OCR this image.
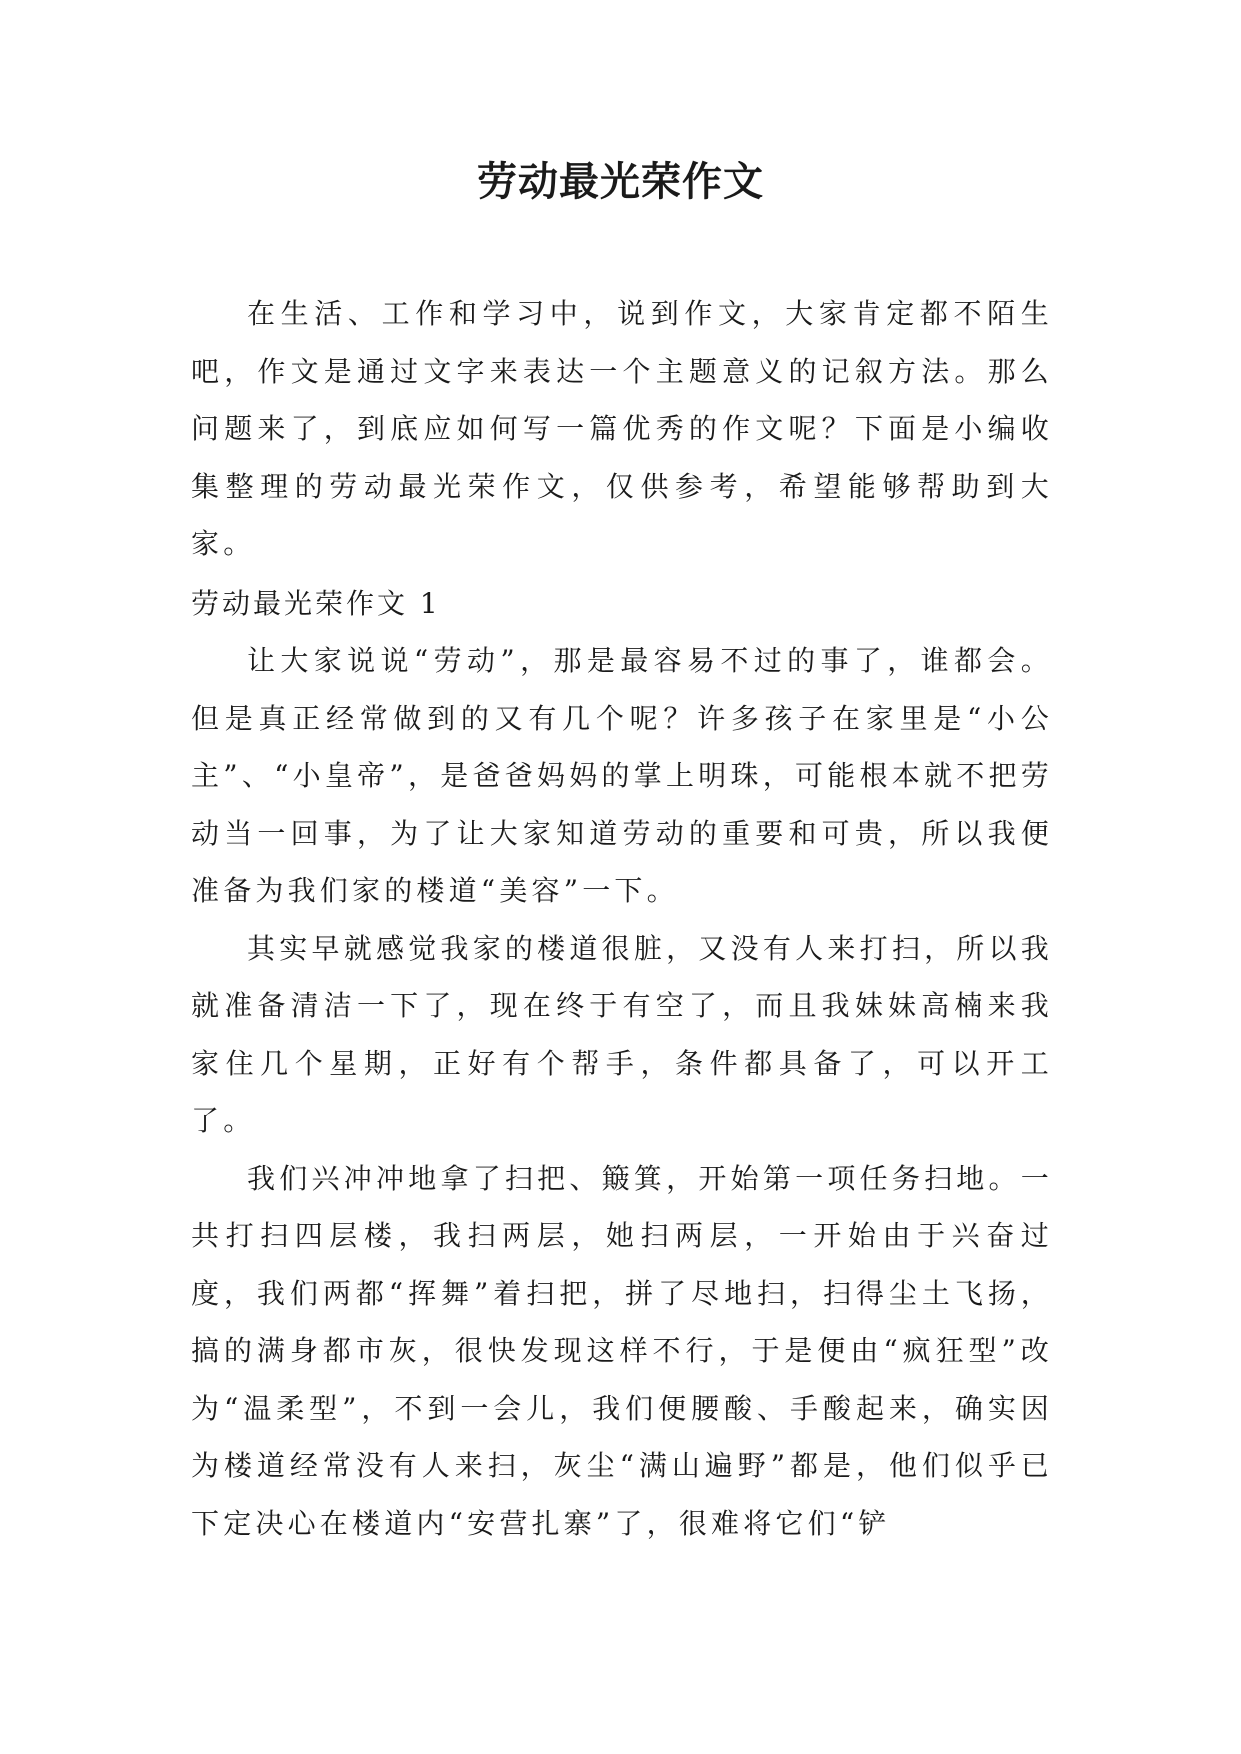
劳动最光荣作文

在生活、工作和学习中，说到作文，大家肯定都不陌生吧，作文是通过文字来表达一个主题意义的记叙方法。那么问题来了，到底应如何写一篇优秀的作文呢？下面是小编收集整理的劳动最光荣作文，仅供参考，希望能够帮助到大家。

劳动最光荣作文 1

让大家说说“劳动”，那是最容易不过的事了，谁都会。但是真正经常做到的又有几个呢？许多孩子在家里是“小公主”、“小皇帝”，是爸爸妈妈的掌上明珠，可能根本就不把劳动当一回事，为了让大家知道劳动的重要和可贵，所以我便准备为我们家的楼道“美容”一下。

其实早就感觉我家的楼道很脏，又没有人来打扫，所以我就准备清洁一下了，现在终于有空了，而且我妹妹高楠来我家住几个星期，正好有个帮手，条件都具备了，可以开工了。

我们兴冲冲地拿了扫把、簸箕，开始第一项任务扫地。一共打扫四层楼，我扫两层，她扫两层，一开始由于兴奋过度，我们两都“挥舞”着扫把，拼了尽地扫，扫得尘土飞扬，搞的满身都市灰，很快发现这样不行，于是便由“疯狂型”改为“温柔型”，不到一会儿，我们便腰酸、手酸起来，确实因为楼道经常没有人来扫，灰尘“满山遍野”都是，他们似乎已下定决心在楼道内“安营扎寨”了，很难将它们“铲
